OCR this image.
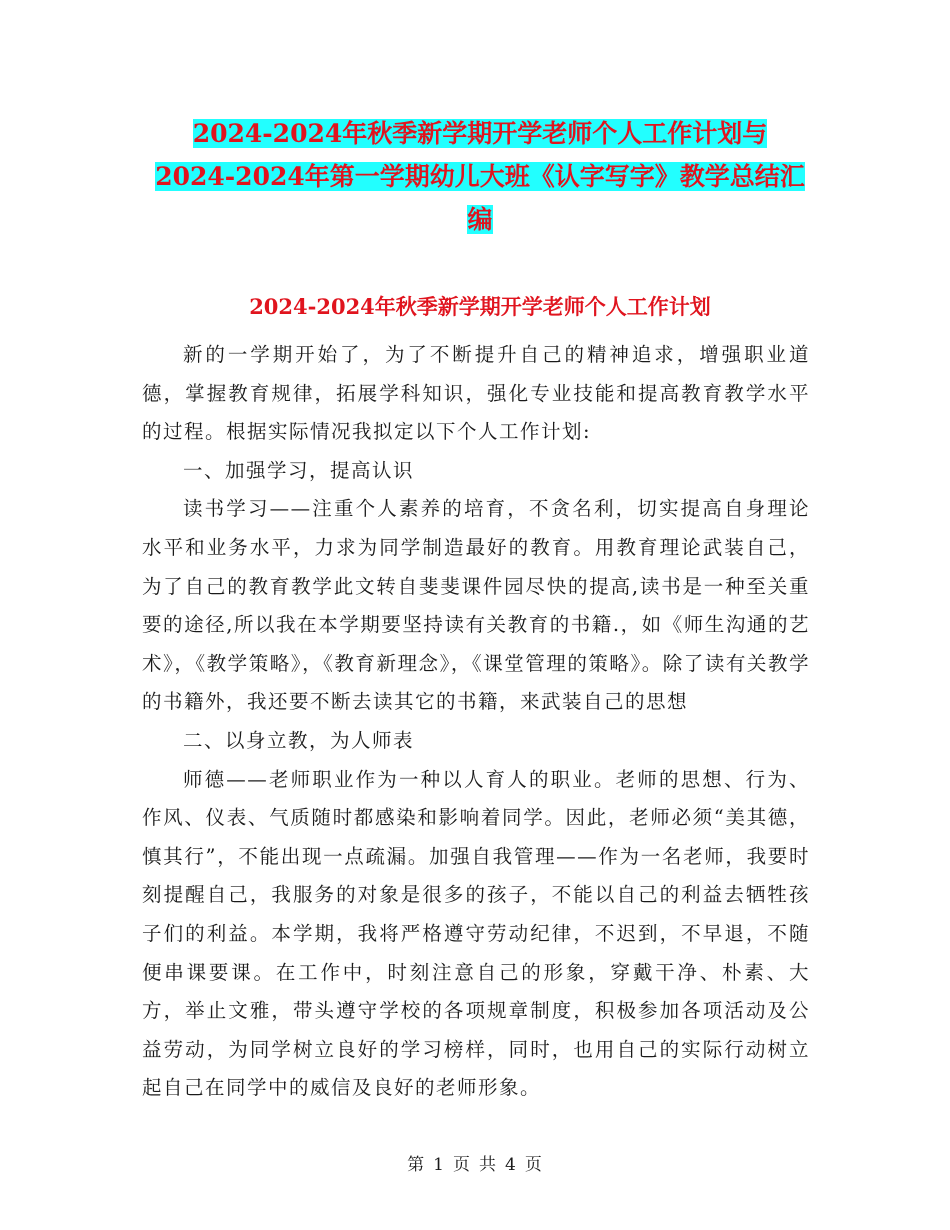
2024-2024年秋季新学期开学老师个人工作计划与
2024-2024年第一学期幼儿大班《认字写字》教学总结汇
编
2024-2024年秋季新学期开学老师个人工作计划

新的一学期开始了，为了不断提升自己的精神追求，增强职业道德，掌握教育规律，拓展学科知识，强化专业技能和提高教育教学水平的过程。根据实际情况我拟定以下个人工作计划:

一、加强学习，提高认识

读书学习——注重个人素养的培育，不贪名利，切实提高自身理论水平和业务水平，力求为同学制造最好的教育。用教育理论武装自己，为了自己的教育教学此文转自斐斐课件园尽快的提高,读书是一种至关重要的途径,所以我在本学期要坚持读有关教育的书籍.，如《师生沟通的艺术》，《教学策略》，《教育新理念》，《课堂管理的策略》。除了读有关教学的书籍外，我还要不断去读其它的书籍，来武装自己的思想

二、以身立教，为人师表

师德——老师职业作为一种以人育人的职业。老师的思想、行为、作风、仪表、气质随时都感染和影响着同学。因此，老师必须“美其德，慎其行”，不能出现一点疏漏。加强自我管理——作为一名老师，我要时刻提醒自己，我服务的对象是很多的孩子，不能以自己的利益去牺牲孩子们的利益。本学期，我将严格遵守劳动纪律，不迟到，不早退，不随便串课要课。在工作中，时刻注意自己的形象，穿戴干净、朴素、大方，举止文雅，带头遵守学校的各项规章制度，积极参加各项活动及公益劳动，为同学树立良好的学习榜样，同时，也用自己的实际行动树立起自己在同学中的威信及良好的老师形象。

第 1 页 共 4 页
